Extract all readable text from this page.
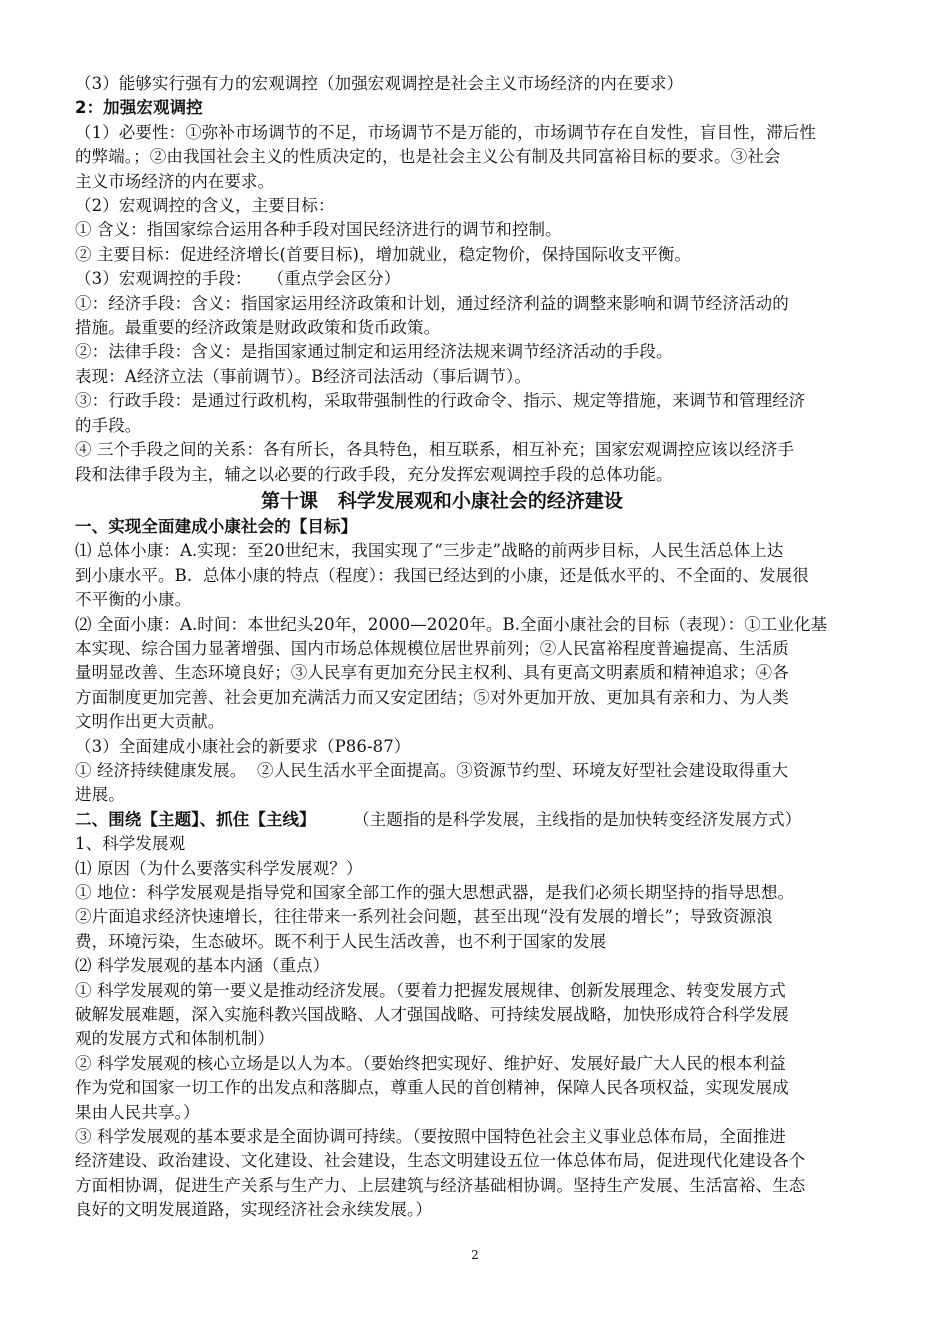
（3）能够实行强有力的宏观调控（加强宏观调控是社会主义市场经济的内在要求）
2：加强宏观调控
（1）必要性：①弥补市场调节的不足，市场调节不是万能的，市场调节存在自发性，盲目性，滞后性
的弊端。；②由我国社会主义的性质决定的，也是社会主义公有制及共同富裕目标的要求。③社会
主义市场经济的内在要求。
（2）宏观调控的含义，主要目标：
① 含义：指国家综合运用各种手段对国民经济进行的调节和控制。
② 主要目标：促进经济增长(首要目标)，增加就业，稳定物价，保持国际收支平衡。
（3）宏观调控的手段：   （重点学会区分）
①：经济手段：含义：指国家运用经济政策和计划，通过经济利益的调整来影响和调节经济活动的
措施。最重要的经济政策是财政政策和货币政策。
②：法律手段：含义：是指国家通过制定和运用经济法规来调节经济活动的手段。
表现：A经济立法（事前调节）。B经济司法活动（事后调节）。
③：行政手段：是通过行政机构，采取带强制性的行政命令、指示、规定等措施，来调节和管理经济
的手段。
④ 三个手段之间的关系：各有所长，各具特色，相互联系，相互补充；国家宏观调控应该以经济手
段和法律手段为主，辅之以必要的行政手段，充分发挥宏观调控手段的总体功能。
第十课   科学发展观和小康社会的经济建设
一、实现全面建成小康社会的【目标】
⑴ 总体小康：A.实现：至20世纪末，我国实现了“三步走”战略的前两步目标，人民生活总体上达
到小康水平。B.  总体小康的特点（程度）：我国已经达到的小康，还是低水平的、不全面的、发展很
不平衡的小康。
⑵ 全面小康：A.时间：本世纪头20年，2000—2020年。B.全面小康社会的目标（表现）：①工业化基
本实现、综合国力显著增强、国内市场总体规模位居世界前列；②人民富裕程度普遍提高、生活质
量明显改善、生态环境良好；③人民享有更加充分民主权利、具有更高文明素质和精神追求；④各
方面制度更加完善、社会更加充满活力而又安定团结；⑤对外更加开放、更加具有亲和力、为人类
文明作出更大贡献。
（3）全面建成小康社会的新要求（P86-87）
① 经济持续健康发展。  ②人民生活水平全面提高。③资源节约型、环境友好型社会建设取得重大
进展。
二、围绕【主题】、抓住【主线】       （主题指的是科学发展，主线指的是加快转变经济发展方式）
1、科学发展观
⑴ 原因（为什么要落实科学发展观？）
① 地位：科学发展观是指导党和国家全部工作的强大思想武器，是我们必须长期坚持的指导思想。
②片面追求经济快速增长，往往带来一系列社会问题，甚至出现“没有发展的增长”；导致资源浪
费，环境污染，生态破坏。既不利于人民生活改善，也不利于国家的发展
⑵ 科学发展观的基本内涵（重点）
① 科学发展观的第一要义是推动经济发展。（要着力把握发展规律、创新发展理念、转变发展方式
破解发展难题，深入实施科教兴国战略、人才强国战略、可持续发展战略，加快形成符合科学发展
观的发展方式和体制机制）
② 科学发展观的核心立场是以人为本。（要始终把实现好、维护好、发展好最广大人民的根本利益
作为党和国家一切工作的出发点和落脚点，尊重人民的首创精神，保障人民各项权益，实现发展成
果由人民共享。）
③ 科学发展观的基本要求是全面协调可持续。（要按照中国特色社会主义事业总体布局，全面推进
经济建设、政治建设、文化建设、社会建设，生态文明建设五位一体总体布局，促进现代化建设各个
方面相协调，促进生产关系与生产力、上层建筑与经济基础相协调。坚持生产发展、生活富裕、生态
良好的文明发展道路，实现经济社会永续发展。）
2
